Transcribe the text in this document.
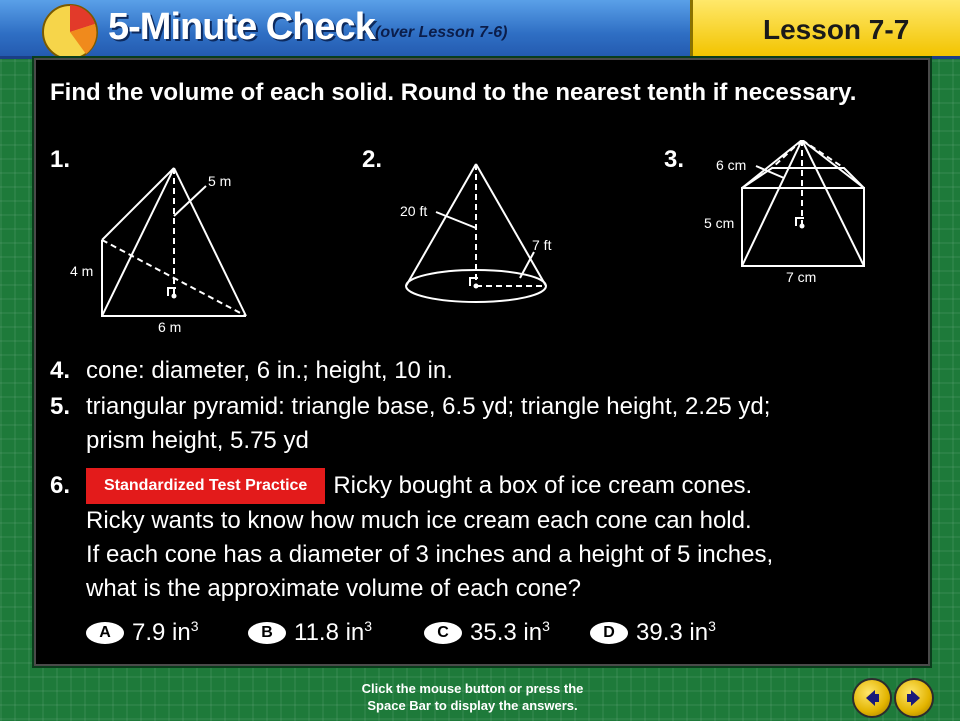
5-Minute Check (over Lesson 7-6)	Lesson 7-7
Find the volume of each solid. Round to the nearest tenth if necessary.
1.
5 m
4 m
6 m
2.
20 ft
7 ft
3. 6 cm
5 cm
7 cm
4. cone: diameter, 6 in.; height, 10 in.
5. triangular pyramid: triangle base, 6.5 yd; triangle height, 2.25 yd;
prism height, 5.75 yd
6. Standardized Test Practice Ricky bought a box of ice cream cones.
Ricky wants to know how much ice cream each cone can hold.
If each cone has a diameter of 3 inches and a height of 5 inches,
what is the approximate volume of each cone?
A 7.9 $in^3$	B 11.8 $in^3$	C 35.3 $in^3$	D 39.3 $in^3$
Click the mouse button or press the
Space Bar to display the answers.
